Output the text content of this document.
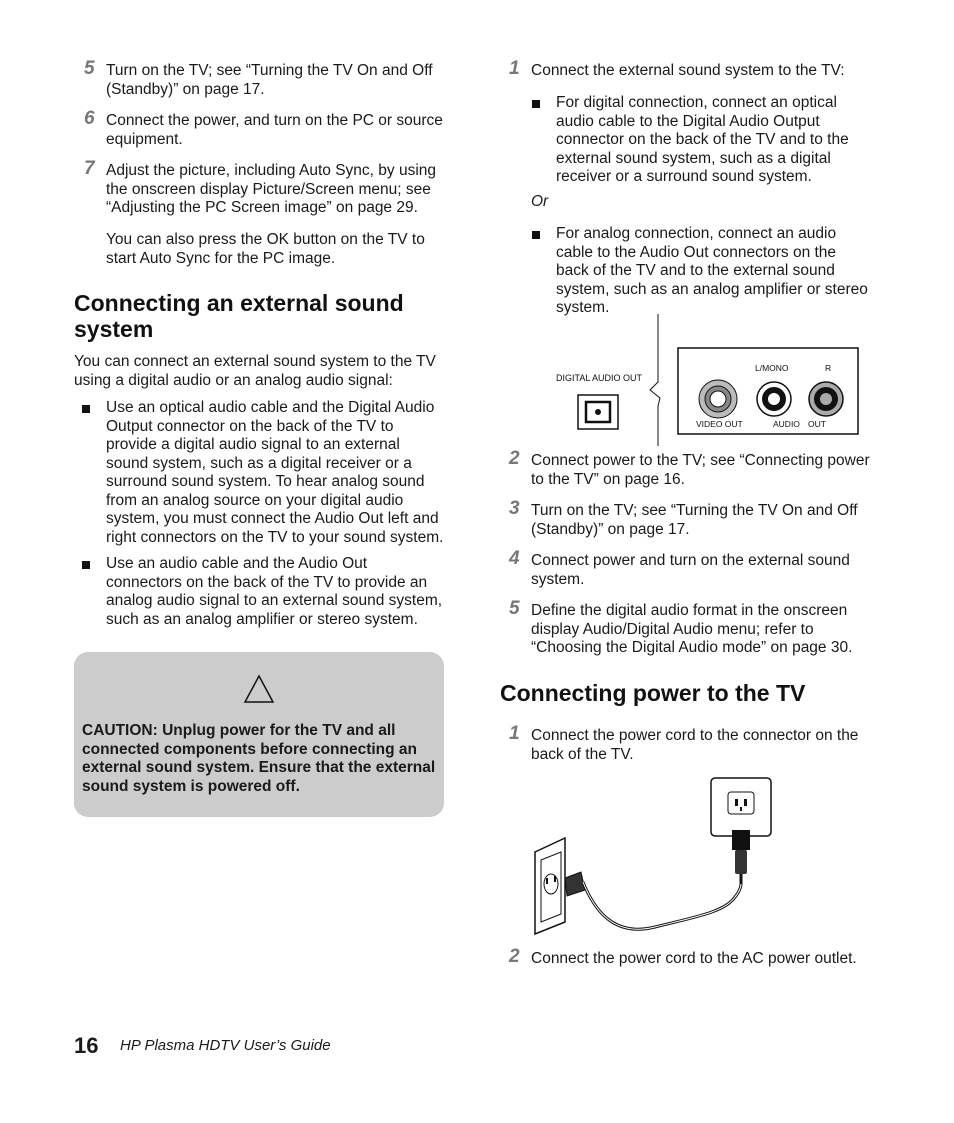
5 Turn on the TV; see “Turning the TV On and Off (Standby)” on page 17.
6 Connect the power, and turn on the PC or source equipment.
7 Adjust the picture, including Auto Sync, by using the onscreen display Picture/Screen menu; see “Adjusting the PC Screen image” on page 29.

You can also press the OK button on the TV to start Auto Sync for the PC image.

Connecting an external sound system

You can connect an external sound system to the TV using a digital audio or an analog audio signal:

Use an optical audio cable and the Digital Audio Output connector on the back of the TV to provide a digital audio signal to an external sound system, such as a digital receiver or a surround sound system. To hear analog sound from an analog source on your digital audio system, you must connect the Audio Out left and right connectors on the TV to your sound system.
Use an audio cable and the Audio Out connectors on the back of the TV to provide an analog audio signal to an external sound system, such as an analog amplifier or stereo system.
CAUTION: Unplug power for the TV and all connected components before connecting an external sound system. Ensure that the external sound system is powered off.
1 Connect the external sound system to the TV:
For digital connection, connect an optical audio cable to the Digital Audio Output connector on the back of the TV and to the external sound system, such as a digital receiver or a surround sound system.
Or
For analog connection, connect an audio cable to the Audio Out connectors on the back of the TV and to the external sound system, such as an analog amplifier or stereo system.
DIGITAL AUDIO OUT
L/MONO	R
VIDEO OUT	AUDIO OUT
2 Connect power to the TV; see “Connecting power to the TV” on page 16.
3 Turn on the TV; see “Turning the TV On and Off (Standby)” on page 17.
4 Connect power and turn on the external sound system.
5 Define the digital audio format in the onscreen display Audio/Digital Audio menu; refer to “Choosing the Digital Audio mode” on page 30.
Connecting power to the TV
1 Connect the power cord to the connector on the back of the TV.
2 Connect the power cord to the AC power outlet.
16 HP Plasma HDTV User’s Guide
